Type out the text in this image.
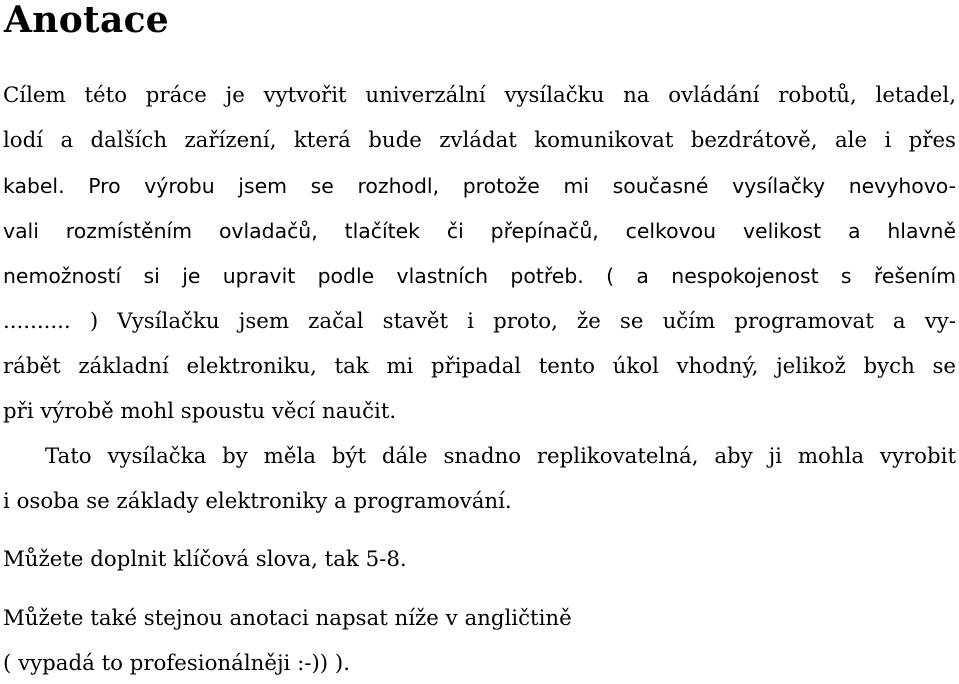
Anotace
Cílem této práce je vytvořit univerzální vysílačku na ovládání robotů, letadel,
lodí a dalších zařízení, která bude zvládat komunikovat bezdrátově, ale i přes
kabel. Pro výrobu jsem se rozhodl, protože mi současné vysílačky nevyhovo-
vali rozmístěním ovladačů, tlačítek či přepínačů, celkovou velikost a hlavně
nemožností si je upravit podle vlastních potřeb. ( a nespokojenost s řešením
.......... ) Vysílačku jsem začal stavět i proto, že se učím programovat a vy-
rábět základní elektroniku, tak mi připadal tento úkol vhodný, jelikož bych se
při výrobě mohl spoustu věcí naučit.
Tato vysílačka by měla být dále snadno replikovatelná, aby ji mohla vyrobit
i osoba se základy elektroniky a programování.
Můžete doplnit klíčová slova, tak 5-8.
Můžete také stejnou anotaci napsat níže v angličtině
( vypadá to profesionálněji :-)) ).
